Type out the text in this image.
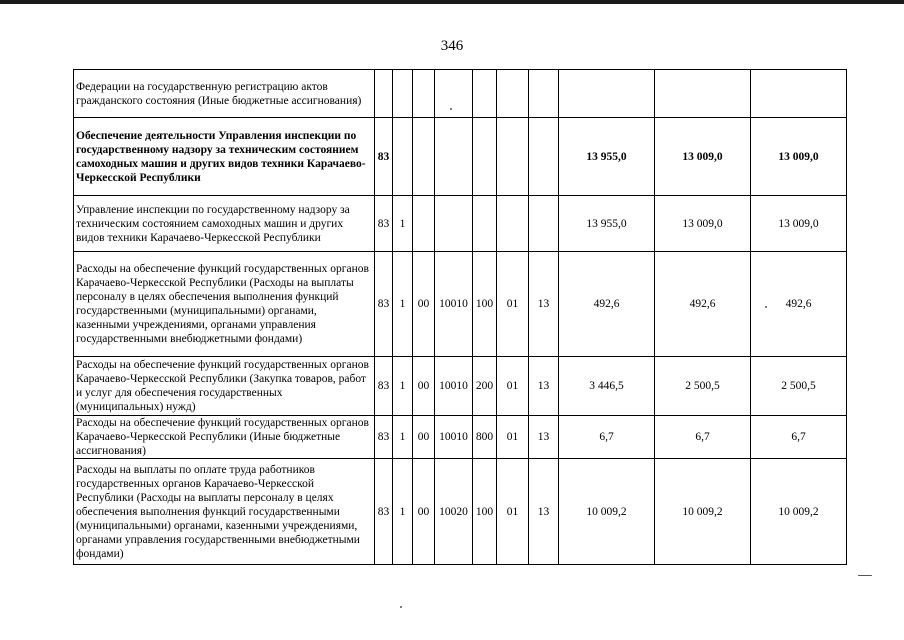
346
Федерации на государственную регистрацию актов гражданского состояния (Иные бюджетные ассигнования)										
Обеспечение деятельности Управления инспекции по государственному надзору за техническим состоянием самоходных машин и других видов техники Карачаево-Черкесской Республики	83							13 955,0	13 009,0	13 009,0
Управление инспекции по государственному надзору за техническим состоянием самоходных машин и других видов техники Карачаево-Черкесской Республики	83	1						13 955,0	13 009,0	13 009,0
Расходы на обеспечение функций государственных органов Карачаево-Черкесской Республики (Расходы на выплаты персоналу в целях обеспечения выполнения функций государственными (муниципальными) органами, казенными учреждениями, органами управления государственными внебюджетными фондами)	83	1	00	10010	100	01	13	492,6	492,6	492,6
Расходы на обеспечение функций государственных органов Карачаево-Черкесской Республики (Закупка товаров, работ и услуг для обеспечения государственных (муниципальных) нужд)	83	1	00	10010	200	01	13	3 446,5	2 500,5	2 500,5
Расходы на обеспечение функций государственных органов Карачаево-Черкесской Республики (Иные бюджетные ассигнования)	83	1	00	10010	800	01	13	6,7	6,7	6,7
Расходы на выплаты по оплате труда работников государственных органов Карачаево-Черкесской Республики (Расходы на выплаты персоналу в целях обеспечения выполнения функций государственными (муниципальными) органами, казенными учреждениями, органами управления государственными внебюджетными фондами)	83	1	00	10020	100	01	13	10 009,2	10 009,2	10 009,2
